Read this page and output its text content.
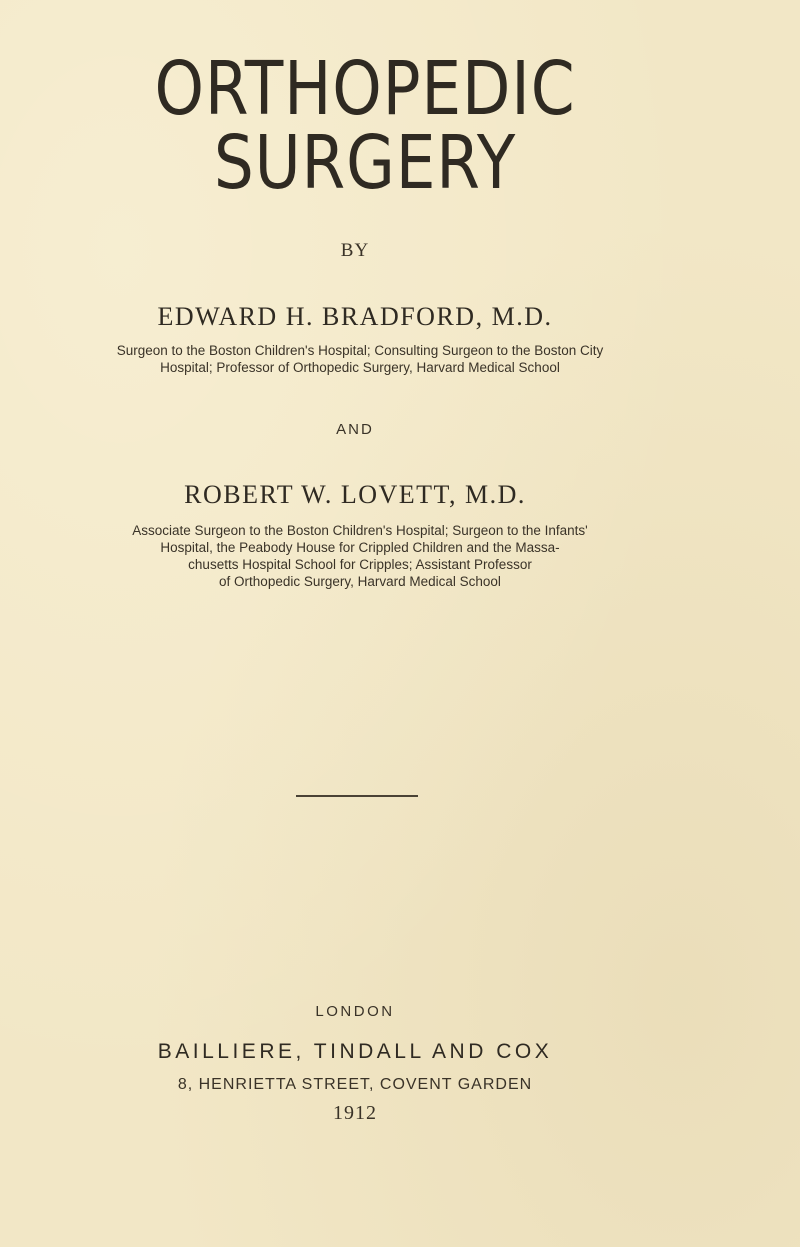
ORTHOPEDIC SURGERY
BY
EDWARD H. BRADFORD, M.D.
Surgeon to the Boston Children's Hospital; Consulting Surgeon to the Boston City
Hospital; Professor of Orthopedic Surgery, Harvard Medical School
AND
ROBERT W. LOVETT, M.D.
Associate Surgeon to the Boston Children's Hospital; Surgeon to the Infants'
Hospital, the Peabody House for Crippled Children and the Massa-
chusetts Hospital School for Cripples; Assistant Professor
of Orthopedic Surgery, Harvard Medical School
LONDON
BAILLIERE, TINDALL AND COX
8, HENRIETTA STREET, COVENT GARDEN
1912
